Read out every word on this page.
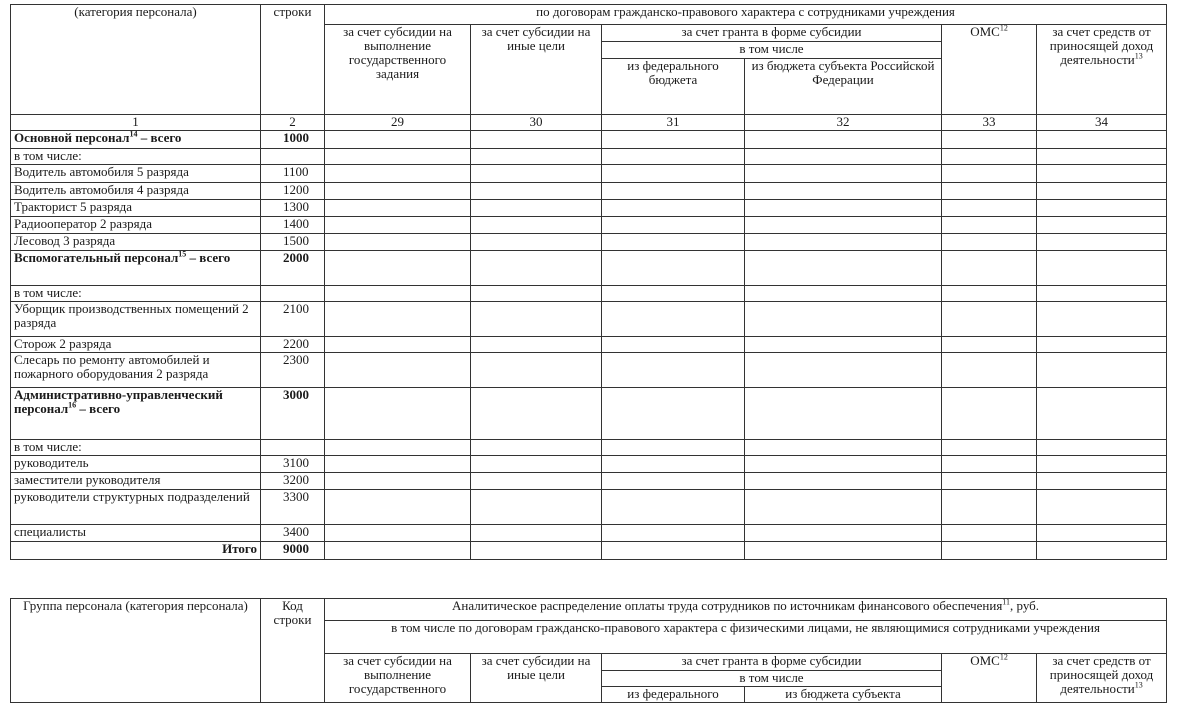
(категория персонала)	строки	по договорам гражданско-правового характера с сотрудниками учреждения					
		за счет субсидии на выполнение государственного задания	за счет субсидии на иные цели	за счет гранта в форме субсидии		ОМС$^{12}$	за счет средств от приносящей доход деятельности$^{13}$
				в том числе			
				из федерального бюджета	из бюджета субъекта Российской Федерации		
1	2	29	30	31	32	33	34
Основной персонал$^{14}$ – всего	1000						
в том числе:							
Водитель автомобиля 5 разряда	1100						
Водитель автомобиля 4 разряда	1200						
Тракторист 5 разряда	1300						
Радиооператор 2 разряда	1400						
Лесовод 3 разряда	1500						
Вспомогательный персонал$^{15}$ – всего	2000						
в том числе:							
Уборщик производственных помещений 2 разряда	2100						
Сторож 2 разряда	2200						
Слесарь по ремонту автомобилей и пожарного оборудования 2 разряда	2300						
Административно-управленческий персонал$^{16}$ – всего	3000						
в том числе:							
руководитель	3100						
заместители руководителя	3200						
руководители структурных подразделений	3300						
специалисты	3400						
Итого	9000						
Группа персонала (категория персонала)	Код строки	Аналитическое распределение оплаты труда сотрудников по источникам финансового обеспечения$^{11}$, руб.					
		в том числе по договорам гражданско-правового характера с физическими лицами, не являющимися сотрудниками учреждения					
		за счет субсидии на выполнение государственного	за счет субсидии на иные цели	за счет гранта в форме субсидии		ОМС$^{12}$	за счет средств от приносящей доход деятельности$^{13}$
				в том числе			
				из федерального	из бюджета субъекта		
